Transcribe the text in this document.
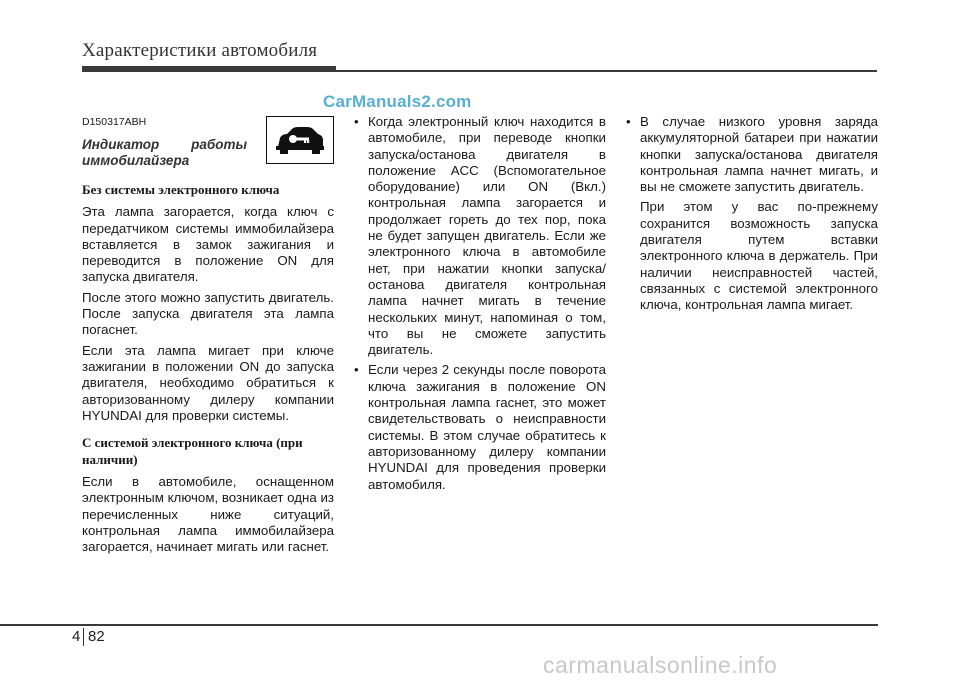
Характеристики автомобиля
CarManuals2.com

D150317ABH

Индикатор работы иммобилайзера

Без системы электронного ключа

Эта лампа загорается, когда ключ с передатчиком системы иммобилайзера вставляется в замок зажигания и переводится в положение ON для запуска двигателя.

После этого можно запустить двигатель. После запуска двигателя эта лампа погаснет.

Если эта лампа мигает при ключе зажигании в положении ON до запуска двигателя, необходимо обратиться к авторизованному дилеру компании HYUNDAI для проверки системы.

С системой электронного ключа (при наличии)

Если в автомобиле, оснащенном электронным ключом, возникает одна из перечисленных ниже ситуаций, контрольная лампа иммобилайзера загорается, начинает мигать или гаснет.

• Когда электронный ключ находится в автомобиле, при переводе кнопки запуска/останова двигателя в положение ACC (Вспомогательное оборудование) или ON (Вкл.) контрольная лампа загорается и продолжает гореть до тех пор, пока не будет запущен двигатель. Если же электронного ключа в автомобиле нет, при нажатии кнопки запуска/останова двигателя контрольная лампа начнет мигать в течение нескольких минут, напоминая о том, что вы не сможете запустить двигатель.
• Если через 2 секунды после поворота ключа зажигания в положение ON контрольная лампа гаснет, это может свидетельствовать о неисправности системы. В этом случае обратитесь к авторизованному дилеру компании HYUNDAI для проведения проверки автомобиля.
• В случае низкого уровня заряда аккумуляторной батареи при нажатии кнопки запуска/останова двигателя контрольная лампа начнет мигать, и вы не сможете запустить двигатель.

При этом у вас по-прежнему сохранится возможность запуска двигателя путем вставки электронного ключа в держатель. При наличии неисправностей частей, связанных с системой электронного ключа, контрольная лампа мигает.

4 82
carmanualsonline.info
